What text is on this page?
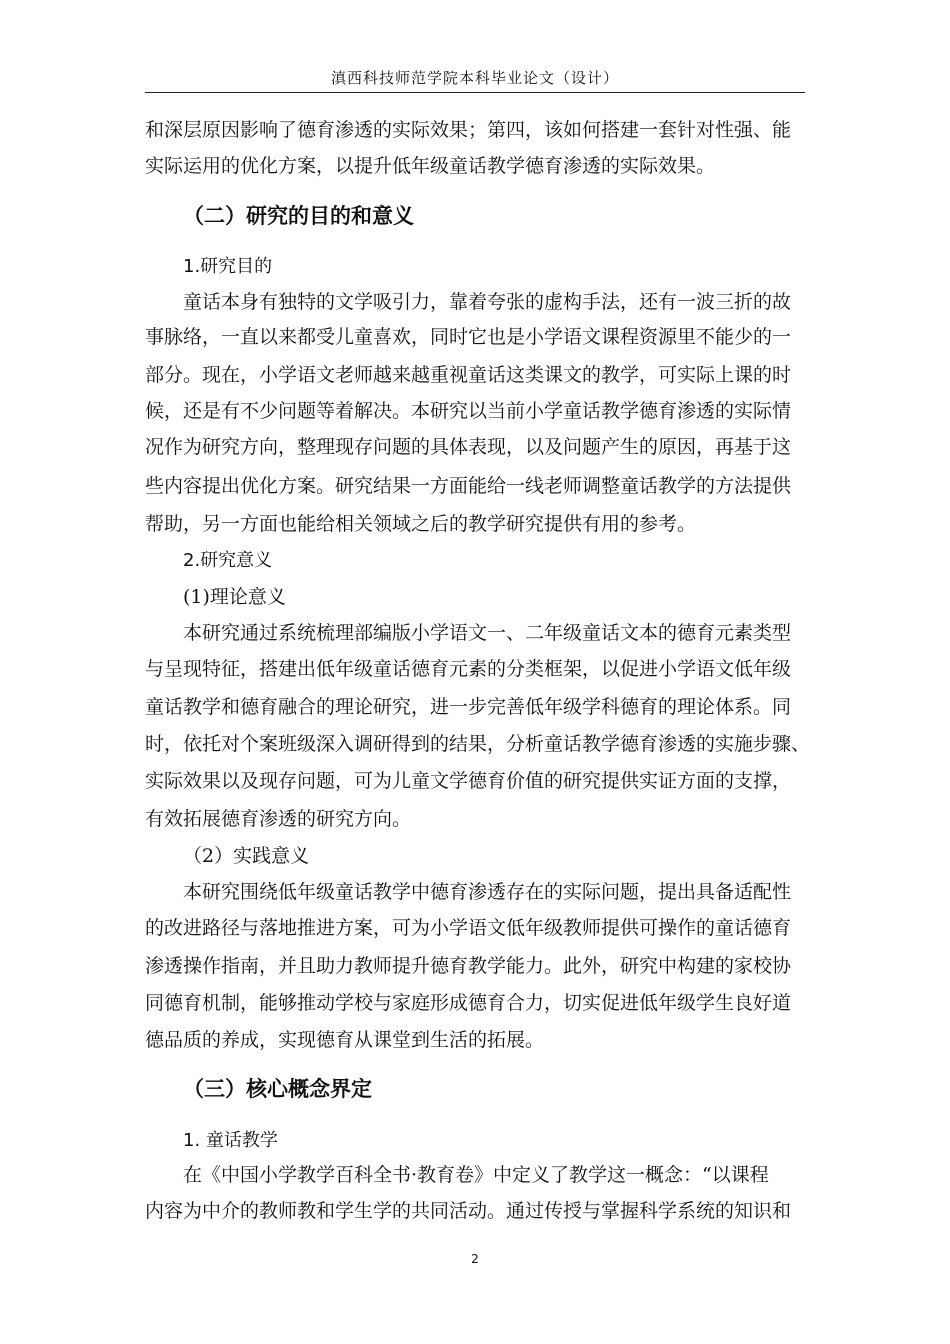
滇西科技师范学院本科毕业论文（设计）
和深层原因影响了德育渗透的实际效果；第四，该如何搭建一套针对性强、能
实际运用的优化方案，以提升低年级童话教学德育渗透的实际效果。
（二）研究的目的和意义
1.研究目的
童话本身有独特的文学吸引力，靠着夸张的虚构手法，还有一波三折的故
事脉络，一直以来都受儿童喜欢，同时它也是小学语文课程资源里不能少的一
部分。现在，小学语文老师越来越重视童话这类课文的教学，可实际上课的时
候，还是有不少问题等着解决。本研究以当前小学童话教学德育渗透的实际情
况作为研究方向，整理现存问题的具体表现，以及问题产生的原因，再基于这
些内容提出优化方案。研究结果一方面能给一线老师调整童话教学的方法提供
帮助，另一方面也能给相关领域之后的教学研究提供有用的参考。
2.研究意义
(1)理论意义
本研究通过系统梳理部编版小学语文一、二年级童话文本的德育元素类型
与呈现特征，搭建出低年级童话德育元素的分类框架，以促进小学语文低年级
童话教学和德育融合的理论研究，进一步完善低年级学科德育的理论体系。同
时，依托对个案班级深入调研得到的结果，分析童话教学德育渗透的实施步骤、
实际效果以及现存问题，可为儿童文学德育价值的研究提供实证方面的支撑，
有效拓展德育渗透的研究方向。
（2）实践意义
本研究围绕低年级童话教学中德育渗透存在的实际问题，提出具备适配性
的改进路径与落地推进方案，可为小学语文低年级教师提供可操作的童话德育
渗透操作指南，并且助力教师提升德育教学能力。此外，研究中构建的家校协
同德育机制，能够推动学校与家庭形成德育合力，切实促进低年级学生良好道
德品质的养成，实现德育从课堂到生活的拓展。
（三）核心概念界定
1. 童话教学
在《中国小学教学百科全书·教育卷》中定义了教学这一概念：“以课程
内容为中介的教师教和学生学的共同活动。通过传授与掌握科学系统的知识和
2
